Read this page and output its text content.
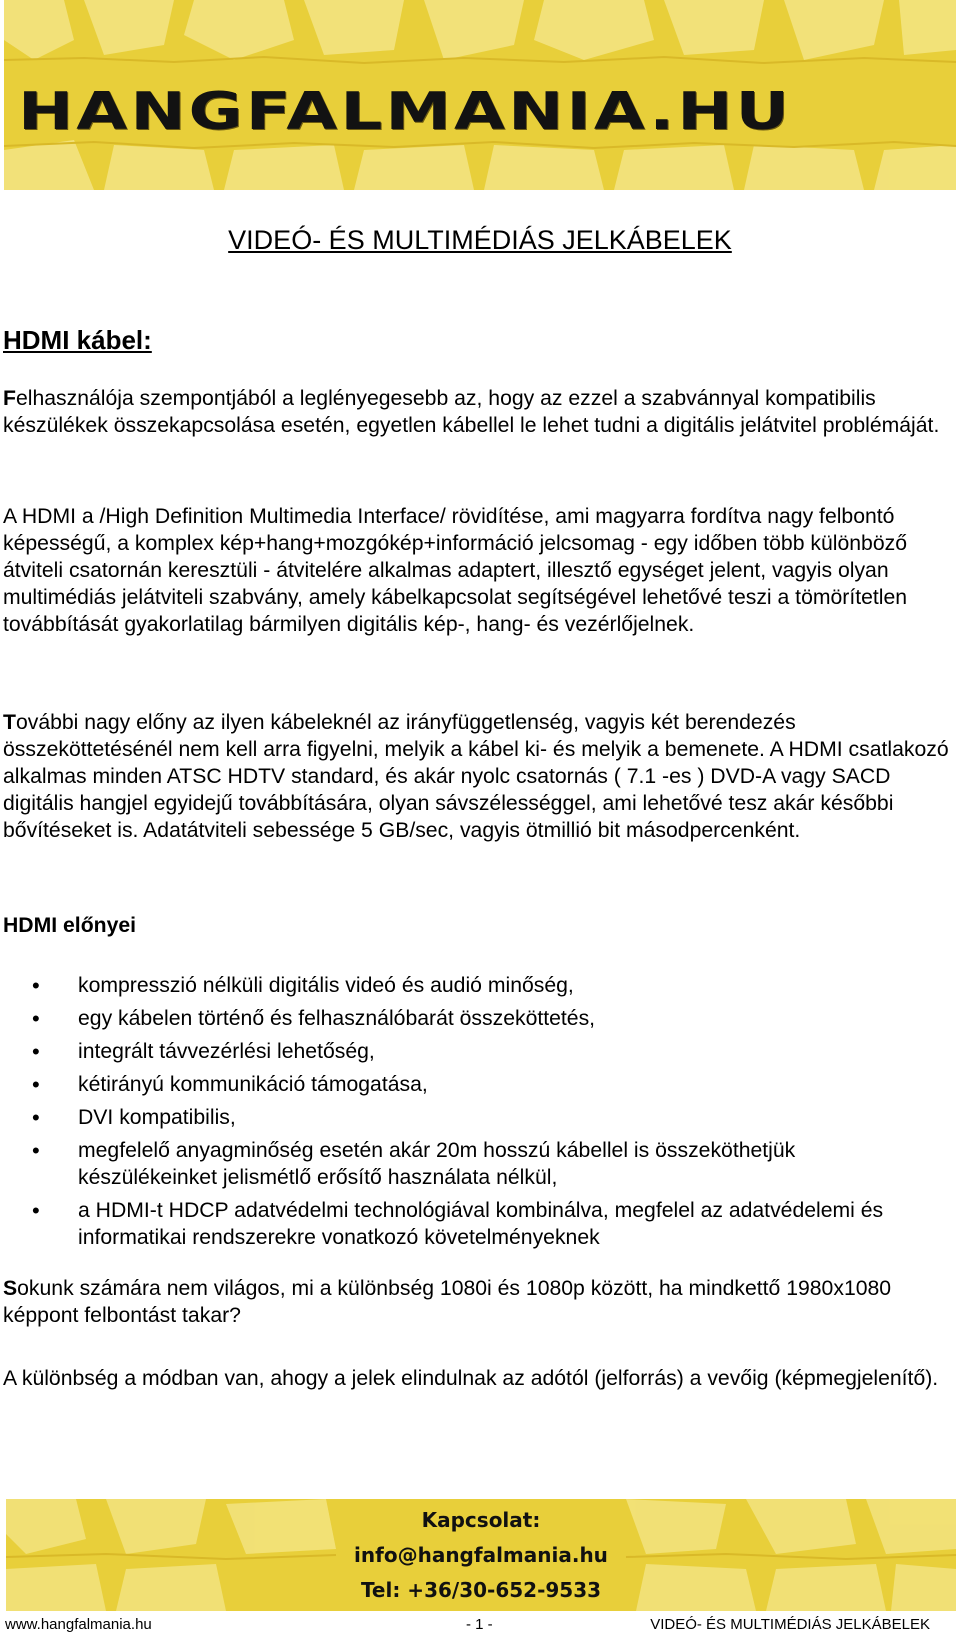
HANGFALMANIA.HU
VIDEÓ- ÉS MULTIMÉDIÁS JELKÁBELEK
HDMI kábel:

Felhasználója szempontjából a leglényegesebb az, hogy az ezzel a szabvánnyal kompatibilis készülékek összekapcsolása esetén, egyetlen kábellel le lehet tudni a digitális jelátvitel problémáját.

A HDMI a /High Definition Multimedia Interface/ rövidítése, ami magyarra fordítva nagy felbontó képességű, a komplex kép+hang+mozgókép+információ jelcsomag - egy időben több különböző átviteli csatornán keresztüli - átvitelére alkalmas adaptert, illesztő egységet jelent, vagyis olyan multimédiás jelátviteli szabvány, amely kábelkapcsolat segítségével lehetővé teszi a tömörítetlen továbbítását gyakorlatilag bármilyen digitális kép-, hang- és vezérlőjelnek.

További nagy előny az ilyen kábeleknél az irányfüggetlenség, vagyis két berendezés összeköttetésénél nem kell arra figyelni, melyik a kábel ki- és melyik a bemenete. A HDMI csatlakozó alkalmas minden ATSC HDTV standard, és akár nyolc csatornás ( 7.1 -es ) DVD-A vagy SACD digitális hangjel egyidejű továbbítására, olyan sávszélességgel, ami lehetővé tesz akár későbbi bővítéseket is. Adatátviteli sebessége 5 GB/sec, vagyis ötmillió bit másodpercenként.

HDMI előnyei
• kompresszió nélküli digitális videó és audió minőség,
• egy kábelen történő és felhasználóbarát összeköttetés,
• integrált távvezérlési lehetőség,
• kétirányú kommunikáció támogatása,
• DVI kompatibilis,
• megfelelő anyagminőség esetén akár 20m hosszú kábellel is összeköthetjük készülékeinket jelismétlő erősítő használata nélkül,
• a HDMI-t HDCP adatvédelmi technológiával kombinálva, megfelel az adatvédelemi és informatikai rendszerekre vonatkozó követelményeknek

Sokunk számára nem világos, mi a különbség 1080i és 1080p között, ha mindkettő 1980x1080 képpont felbontást takar?

A különbség a módban van, ahogy a jelek elindulnak az adótól (jelforrás) a vevőig (képmegjelenítő).

Kapcsolat:
info@hangfalmania.hu
Tel: +36/30-652-9533
www.hangfalmania.hu	- 1 -	VIDEÓ- ÉS MULTIMÉDIÁS JELKÁBELEK
